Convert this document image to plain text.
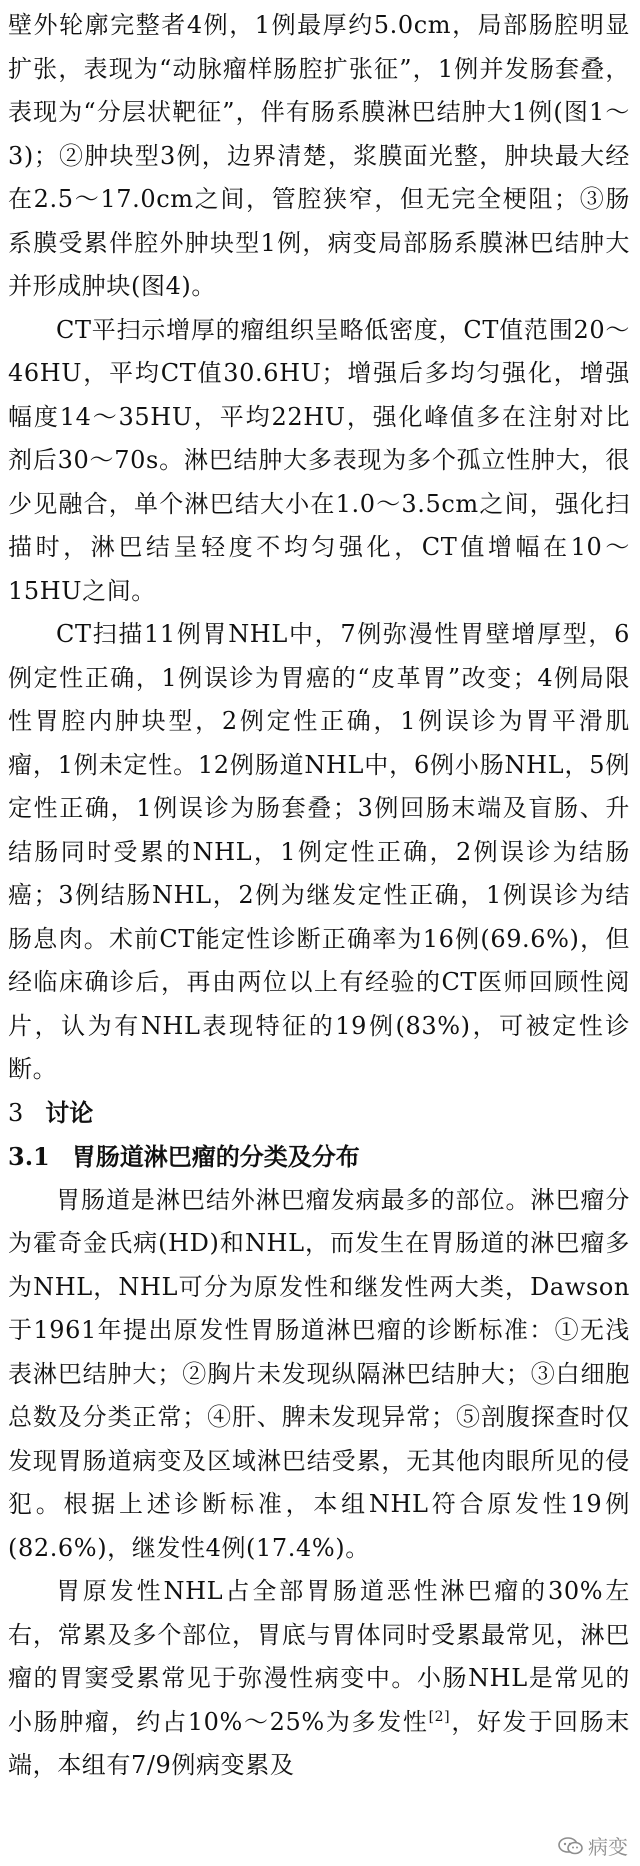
壁外轮廓完整者4例，1例最厚约5.0cm，局部肠腔明显扩张，表现为“动脉瘤样肠腔扩张征”，1例并发肠套叠，表现为“分层状靶征”，伴有肠系膜淋巴结肿大1例(图1～3)；②肿块型3例，边界清楚，浆膜面光整，肿块最大经在2.5～17.0cm之间，管腔狭窄，但无完全梗阻；③肠系膜受累伴腔外肿块型1例，病变局部肠系膜淋巴结肿大并形成肿块(图4)。

CT平扫示增厚的瘤组织呈略低密度，CT值范围20～46HU，平均CT值30.6HU；增强后多均匀强化，增强幅度14～35HU，平均22HU，强化峰值多在注射对比剂后30～70s。淋巴结肿大多表现为多个孤立性肿大，很少见融合，单个淋巴结大小在1.0～3.5cm之间，强化扫描时，淋巴结呈轻度不均匀强化，CT值增幅在10～15HU之间。

CT扫描11例胃NHL中，7例弥漫性胃壁增厚型，6例定性正确，1例误诊为胃癌的“皮革胃”改变；4例局限性胃腔内肿块型，2例定性正确，1例误诊为胃平滑肌瘤，1例未定性。12例肠道NHL中，6例小肠NHL，5例定性正确，1例误诊为肠套叠；3例回肠末端及盲肠、升结肠同时受累的NHL，1例定性正确，2例误诊为结肠癌；3例结肠NHL，2例为继发定性正确，1例误诊为结肠息肉。术前CT能定性诊断正确率为16例(69.6%)，但经临床确诊后，再由两位以上有经验的CT医师回顾性阅片，认为有NHL表现特征的19例(83%)，可被定性诊断。

3 讨论
3.1 胃肠道淋巴瘤的分类及分布

胃肠道是淋巴结外淋巴瘤发病最多的部位。淋巴瘤分为霍奇金氏病(HD)和NHL，而发生在胃肠道的淋巴瘤多为NHL，NHL可分为原发性和继发性两大类，Dawson于1961年提出原发性胃肠道淋巴瘤的诊断标准：①无浅表淋巴结肿大；②胸片未发现纵隔淋巴结肿大；③白细胞总数及分类正常；④肝、脾未发现异常；⑤剖腹探查时仅发现胃肠道病变及区域淋巴结受累，无其他肉眼所见的侵犯。根据上述诊断标准，本组NHL符合原发性19例(82.6%)，继发性4例(17.4%)。

胃原发性NHL占全部胃肠道恶性淋巴瘤的30%左右，常累及多个部位，胃底与胃体同时受累最常见，淋巴瘤的胃窦受累常见于弥漫性病变中。小肠NHL是常见的小肠肿瘤，约占10%～25%为多发性[2]，好发于回肠末端，本组有7/9例病变累及

病变
